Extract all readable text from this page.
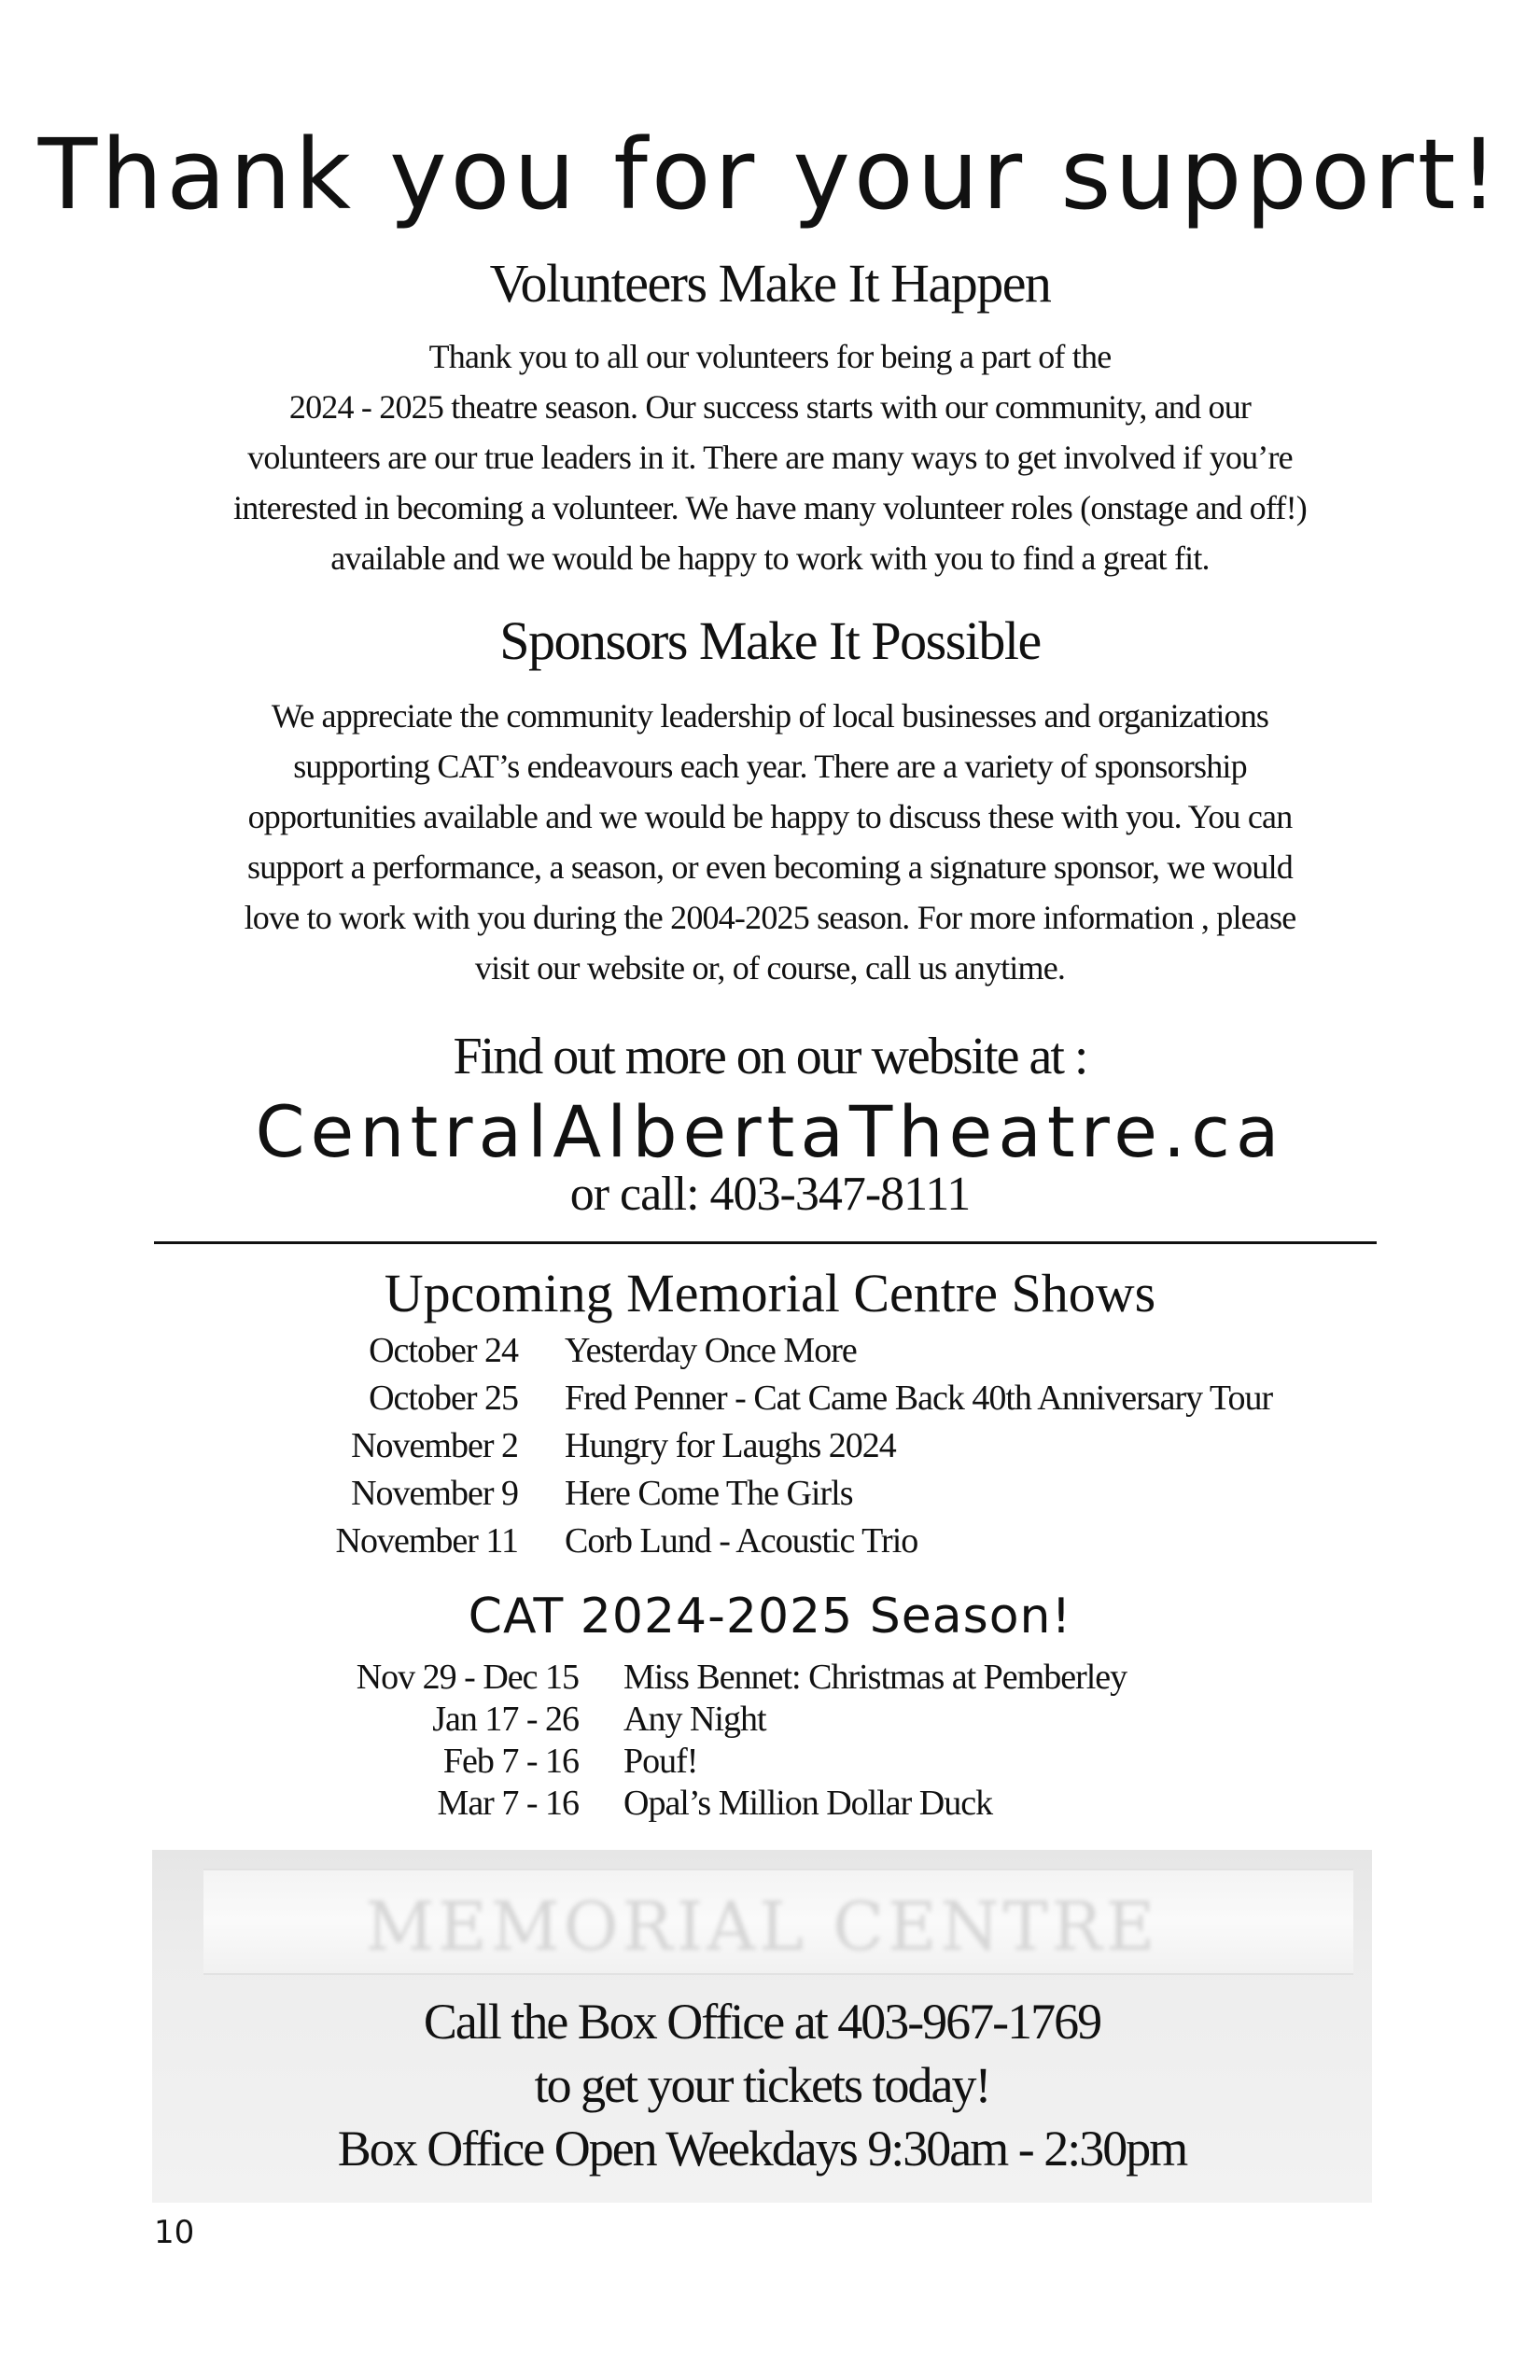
Thank you for your support!
Volunteers Make It Happen
Thank you to all our volunteers for being a part of the
2024 - 2025 theatre season. Our success starts with our community, and our
volunteers are our true leaders in it. There are many ways to get involved if you’re
interested in becoming a volunteer. We have many volunteer roles (onstage and off!)
available and we would be happy to work with you to find a great fit.
Sponsors Make It Possible
We appreciate the community leadership of local businesses and organizations
supporting CAT’s endeavours each year. There are a variety of sponsorship
opportunities available and we would be happy to discuss these with you. You can
support a performance, a season, or even becoming a signature sponsor, we would
love to work with you during the 2004-2025 season. For more information , please
visit our website or, of course, call us anytime.
Find out more on our website at :
CentralAlbertaTheatre.ca
or call: 403-347-8111
Upcoming Memorial Centre Shows
October 24 Yesterday Once More
October 25 Fred Penner - Cat Came Back 40th Anniversary Tour
November 2 Hungry for Laughs 2024
November 9 Here Come The Girls
November 11 Corb Lund - Acoustic Trio
CAT 2024-2025 Season!
Nov 29 - Dec 15 Miss Bennet: Christmas at Pemberley
Jan 17 - 26 Any Night
Feb 7 - 16 Pouf!
Mar 7 - 16 Opal’s Million Dollar Duck
MEMORIAL CENTRE
Call the Box Office at 403-967-1769
to get your tickets today!
Box Office Open Weekdays 9:30am - 2:30pm
10
